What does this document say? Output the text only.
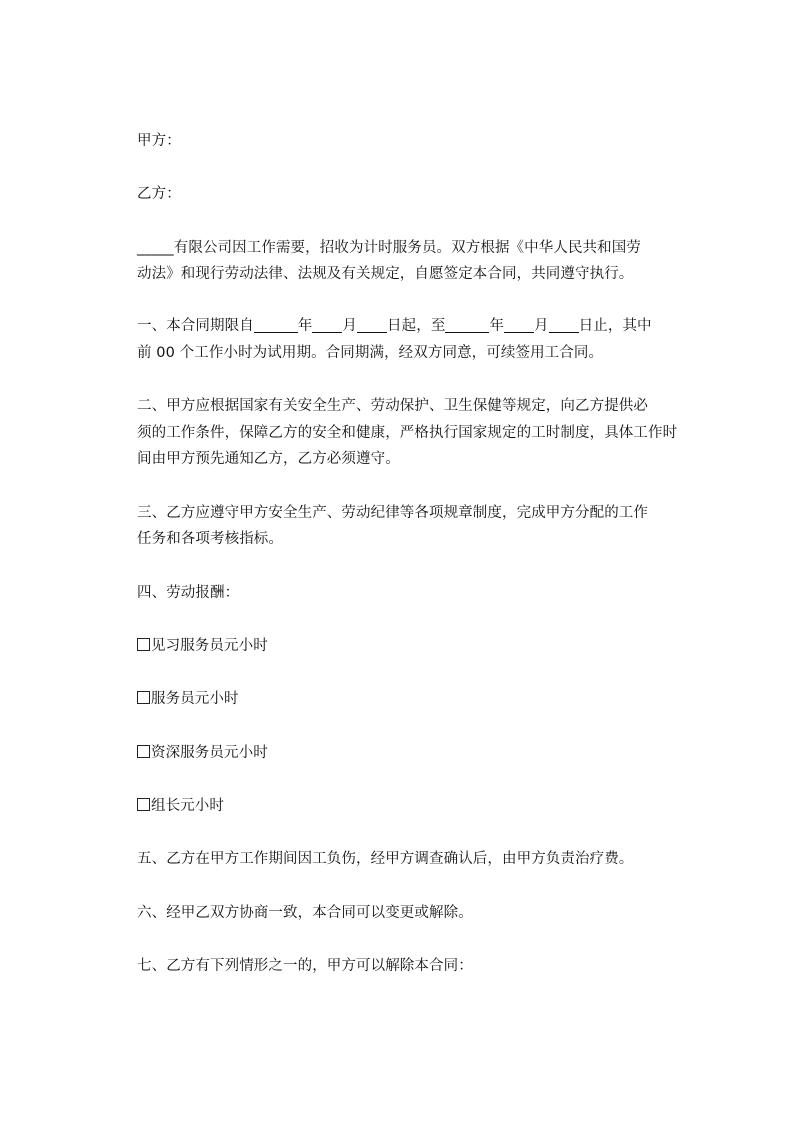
甲方：
乙方：
_____有限公司因工作需要，招收为计时服务员。双方根据《中华人民共和国劳
动法》和现行劳动法律、法规及有关规定，自愿签定本合同，共同遵守执行。
一、本合同期限自	年 月 日起，至	年 月 日止，其中
前 00 个工作小时为试用期。合同期满，经双方同意，可续签用工合同。
二、甲方应根据国家有关安全生产、劳动保护、卫生保健等规定，向乙方提供必
须的工作条件，保障乙方的安全和健康，严格执行国家规定的工时制度，具体工作时
间由甲方预先通知乙方，乙方必须遵守。
三、乙方应遵守甲方安全生产、劳动纪律等各项规章制度，完成甲方分配的工作
任务和各项考核指标。
四、劳动报酬：
见习服务员元小时
服务员元小时
资深服务员元小时
组长元小时
五、乙方在甲方工作期间因工负伤，经甲方调查确认后，由甲方负责治疗费。
六、经甲乙双方协商一致，本合同可以变更或解除。
七、乙方有下列情形之一的，甲方可以解除本合同：
